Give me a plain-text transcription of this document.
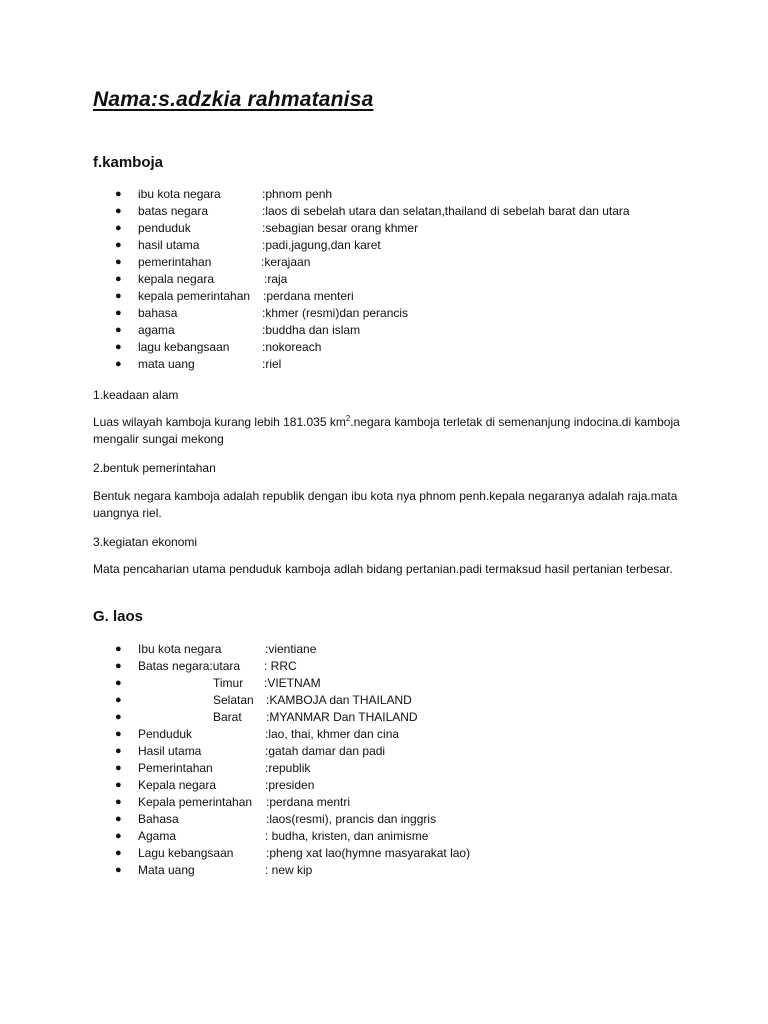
Nama:s.adzkia rahmatanisa
f.kamboja
● ibu kota negara	:phnom penh
● batas negara	:laos di sebelah utara dan selatan,thailand di sebelah barat dan utara
● penduduk	:sebagian besar orang khmer
● hasil utama	:padi,jagung,dan karet
● pemerintahan	:kerajaan
● kepala negara	:raja
● kepala pemerintahan :perdana menteri
● bahasa	:khmer (resmi)dan perancis
● agama	:buddha dan islam
● lagu kebangsaan	:nokoreach
● mata uang	:riel

1.keadaan alam

Luas wilayah kamboja kurang lebih 181.035 $km^2.negara$ kamboja terletak di semenanjung indocina.di kamboja mengalir sungai mekong

2.bentuk pemerintahan

Bentuk negara kamboja adalah republik dengan ibu kota nya phnom penh.kepala negaranya adalah raja.mata uangnya riel.

3.kegiatan ekonomi

Mata pencaharian utama penduduk kamboja adlah bidang pertanian.padi termaksud hasil pertanian terbesar.

G. laos
● Ibu kota negara	:vientiane
● Batas negara:utara : RRC
●	Timur :VIETNAM
●	Selatan :KAMBOJA dan THAILAND
●	Barat :MYANMAR Dan THAILAND
● Penduduk	:lao, thai, khmer dan cina
● Hasil utama	:gatah damar dan padi
● Pemerintahan	:republik
● Kepala negara	:presiden
● Kepala pemerintahan :perdana mentri
● Bahasa	:laos(resmi), prancis dan inggris
● Agama	: budha, kristen, dan animisme
● Lagu kebangsaan	:pheng xat lao(hymne masyarakat lao)
● Mata uang	: new kip
